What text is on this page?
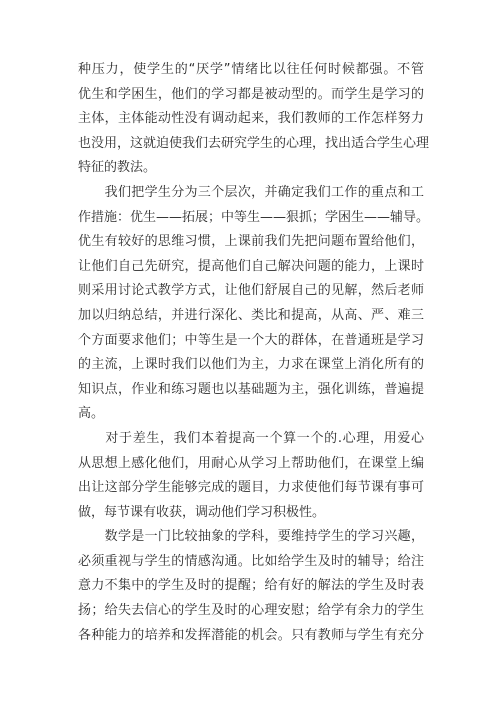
种压力，使学生的“厌学”情绪比以往任何时候都强。不管
优生和学困生，他们的学习都是被动型的。而学生是学习的
主体，主体能动性没有调动起来，我们教师的工作怎样努力
也没用，这就迫使我们去研究学生的心理，找出适合学生心理
特征的教法。
　　我们把学生分为三个层次，并确定我们工作的重点和工
作措施：优生——拓展；中等生——狠抓；学困生——辅导。
优生有较好的思维习惯，上课前我们先把问题布置给他们，
让他们自己先研究，提高他们自己解决问题的能力，上课时
则采用讨论式教学方式，让他们舒展自己的见解，然后老师
加以归纳总结，并进行深化、类比和提高，从高、严、难三
个方面要求他们；中等生是一个大的群体，在普通班是学习
的主流，上课时我们以他们为主，力求在课堂上消化所有的
知识点，作业和练习题也以基础题为主，强化训练，普遍提
高。
　　对于差生，我们本着提高一个算一个的.心理，用爱心
从思想上感化他们，用耐心从学习上帮助他们，在课堂上编
出让这部分学生能够完成的题目，力求使他们每节课有事可
做，每节课有收获，调动他们学习积极性。
　　数学是一门比较抽象的学科，要维持学生的学习兴趣，
必须重视与学生的情感沟通。比如给学生及时的辅导；给注
意力不集中的学生及时的提醒；给有好的解法的学生及时表
扬；给失去信心的学生及时的心理安慰；给学有余力的学生
各种能力的培养和发挥潜能的机会。只有教师与学生有充分
